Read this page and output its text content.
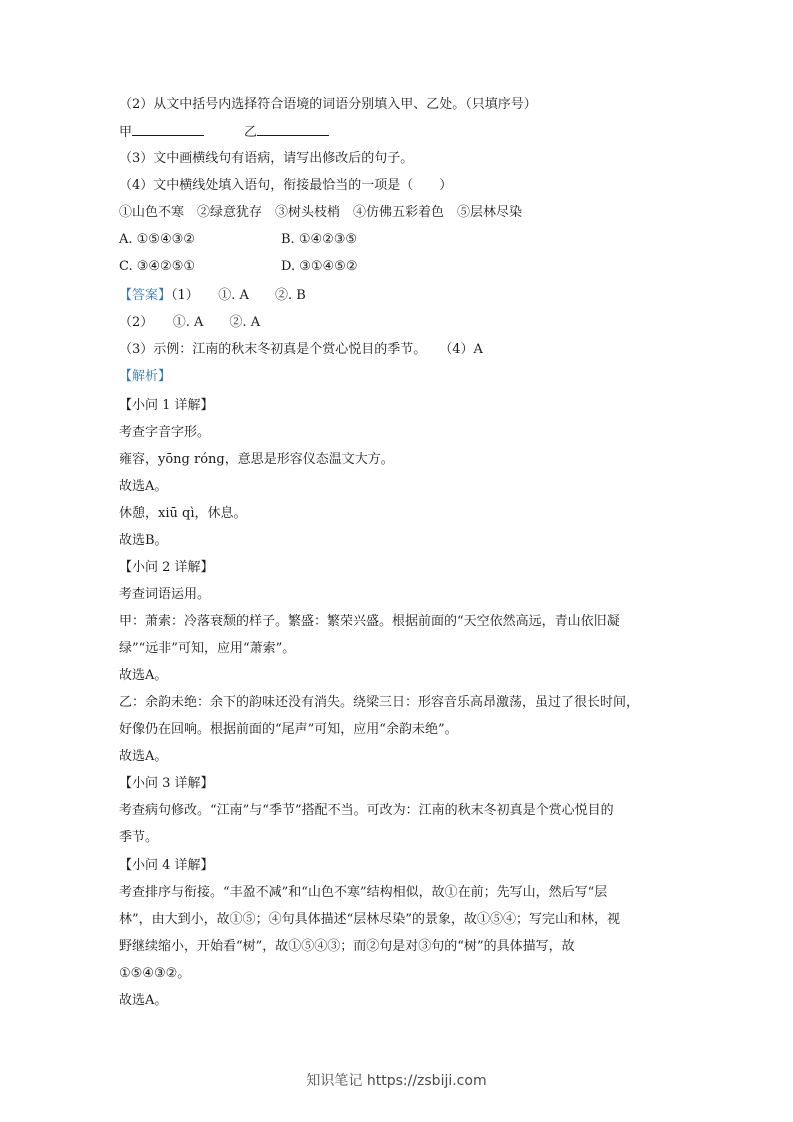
（2）从文中括号内选择符合语境的词语分别填入甲、乙处。（只填序号）
甲	乙
（3）文中画横线句有语病，请写出修改后的句子。
（4）文中横线处填入语句，衔接最恰当的一项是（　　）
①山色不寒　②绿意犹存　③树头枝梢　④仿佛五彩着色　⑤层林尽染
A. ①⑤④③②	B. ①④②③⑤
C. ③④②⑤①	D. ③①④⑤②
【答案】（1）　　①. A　　②. B
（2）　　①. A　　②. A
（3）示例：江南的秋末冬初真是个赏心悦目的季节。　　（4）A
【解析】
【小问 1 详解】
考查字音字形。
雍容，yōng róng，意思是形容仪态温文大方。
故选A。
休憩，xiū qì，休息。
故选B。
【小问 2 详解】
考查词语运用。
甲：萧索：冷落衰颓的样子。繁盛：繁荣兴盛。根据前面的“天空依然高远，青山依旧凝
绿”“远非”可知，应用“萧索”。
故选A。
乙：余韵未绝：余下的韵味还没有消失。绕梁三日：形容音乐高昂激荡，虽过了很长时间，
好像仍在回响。根据前面的“尾声”可知，应用“余韵未绝”。
故选A。
【小问 3 详解】
考查病句修改。“江南”与“季节”搭配不当。可改为：江南的秋末冬初真是个赏心悦目的
季节。
【小问 4 详解】
考查排序与衔接。“丰盈不减”和“山色不寒”结构相似，故①在前；先写山，然后写“层
林”，由大到小，故①⑤；④句具体描述“层林尽染”的景象，故①⑤④；写完山和林，视
野继续缩小，开始看“树”，故①⑤④③；而②句是对③句的“树”的具体描写，故
①⑤④③②。
故选A。
知识笔记 https://zsbiji.com
